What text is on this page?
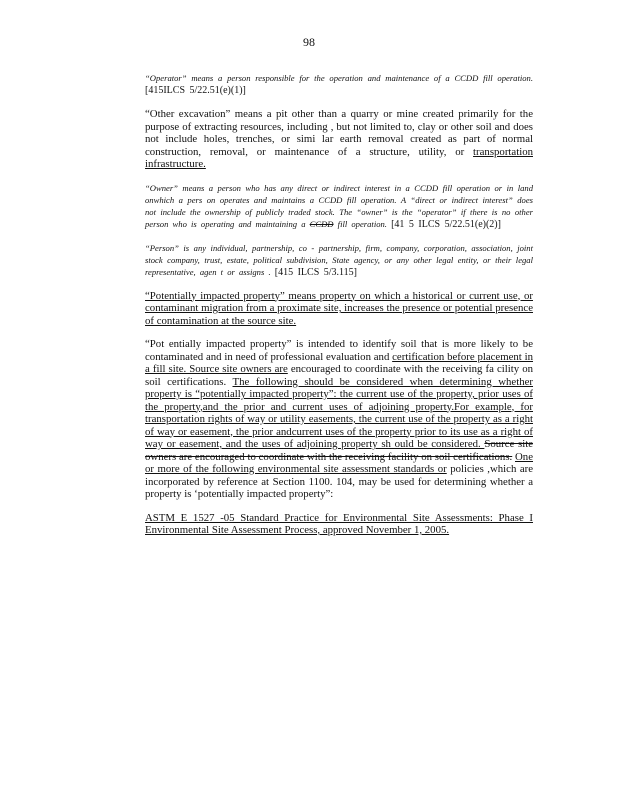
98

“Operator” means a person responsible for the operation and maintenance of a CCDD fill operation. [415ILCS 5/22.51(e)(1)]

“Other excavation” means a pit other than a quarry or mine created primarily for the purpose of extracting resources, including , but not limited to, clay or other soil and does not include holes, trenches, or simi lar earth removal created as part of normal construction, removal, or maintenance of a structure, utility, or transportation infrastructure.

“Owner” means a person who has any direct or indirect interest in a CCDD fill operation or in land onwhich a pers on operates and maintains a CCDD fill operation. A “direct or indirect interest” does not include the ownership of publicly traded stock. The “owner” is the “operator” if there is no other person who is operating and maintaining a CCDD fill operation. [41 5 ILCS 5/22.51(e)(2)]

“Person” is any individual, partnership, co - partnership, firm, company, corporation, association, joint stock company, trust, estate, political subdivision, State agency, or any other legal entity, or their legal representative, agen t or assigns . [415 ILCS 5/3.115]

“Potentially impacted property” means property on which a historical or current use, or contaminant migration from a proximate site, increases the presence or potential presence of contamination at the source site.

“Pot entially impacted property” is intended to identify soil that is more likely to be contaminated and in need of professional evaluation and certification before placement in a fill site. Source site owners are encouraged to coordinate with the receiving fa cility on soil certifications. The following should be considered when determining whether property is “potentially impacted property”: the current use of the property, prior uses of the property,and the prior and current uses of adjoining property.For example, for transportation rights of way or utility easements, the current use of the property as a right of way or easement, the prior andcurrent uses of the property prior to its use as a right of way or easement, and the uses of adjoining property sh ould be considered. Source site owners are encouraged to coordinate with the receiving facility on soil certifications. One or more of the following environmental site assessment standards or policies ,which are incorporated by reference at Section 1100. 104, may be used for determining whether a property is ‘potentially impacted property”:

ASTM E 1527 -05 Standard Practice for Environmental Site Assessments: Phase I Environmental Site Assessment Process, approved November 1, 2005.
